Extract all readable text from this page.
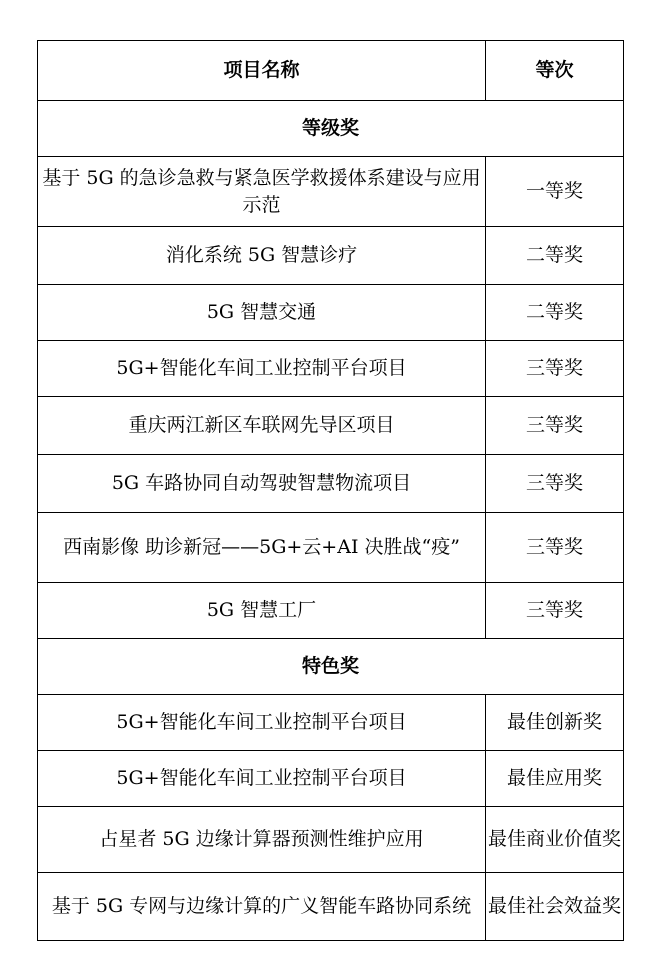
项目名称	等次
等级奖	
基于 5G 的急诊急救与紧急医学救援体系建设与应用示范	一等奖
消化系统 5G 智慧诊疗	二等奖
5G 智慧交通	二等奖
5G+智能化车间工业控制平台项目	三等奖
重庆两江新区车联网先导区项目	三等奖
5G 车路协同自动驾驶智慧物流项目	三等奖
西南影像 助诊新冠——5G+云+AI 决胜战“疫”	三等奖
5G 智慧工厂	三等奖
特色奖	
5G+智能化车间工业控制平台项目	最佳创新奖
5G+智能化车间工业控制平台项目	最佳应用奖
占星者 5G 边缘计算器预测性维护应用	最佳商业价值奖
基于 5G 专网与边缘计算的广义智能车路协同系统	最佳社会效益奖
